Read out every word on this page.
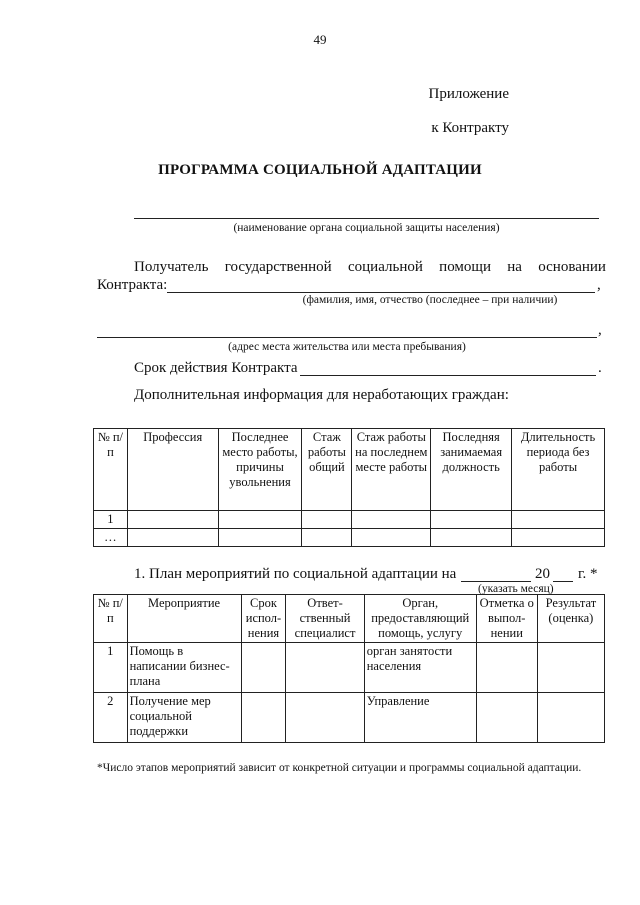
49
Приложение
к Контракту
ПРОГРАММА СОЦИАЛЬНОЙ АДАПТАЦИИ
(наименование органа социальной защиты населения)
Получатель государственной социальной помощи на основании
Контракта:	,
(фамилия, имя, отчество (последнее – при наличии)
,
(адрес места жительства или места пребывания)
Срок действия Контракта	.
Дополнительная информация для неработающих граждан:
№ п/п	Профессия	Последнее место работы, причины увольнения	Стаж работы общий	Стаж работы на последнем месте работы	Последняя занимаемая должность	Длительность периода без работы
1						
…						
1. План мероприятий по социальной адаптации на	20 г. *
(указать месяц)
№ п/п	Мероприятие	Срок испол- нения	Ответ- ственный специалист	Орган, предоставляющий помощь, услугу	Отметка о выпол- нении	Результат (оценка)
1	Помощь в написании бизнес-плана			орган занятости населения		
2	Получение мер социальной поддержки			Управление		
*Число этапов мероприятий зависит от конкретной ситуации и программы социальной адаптации.
